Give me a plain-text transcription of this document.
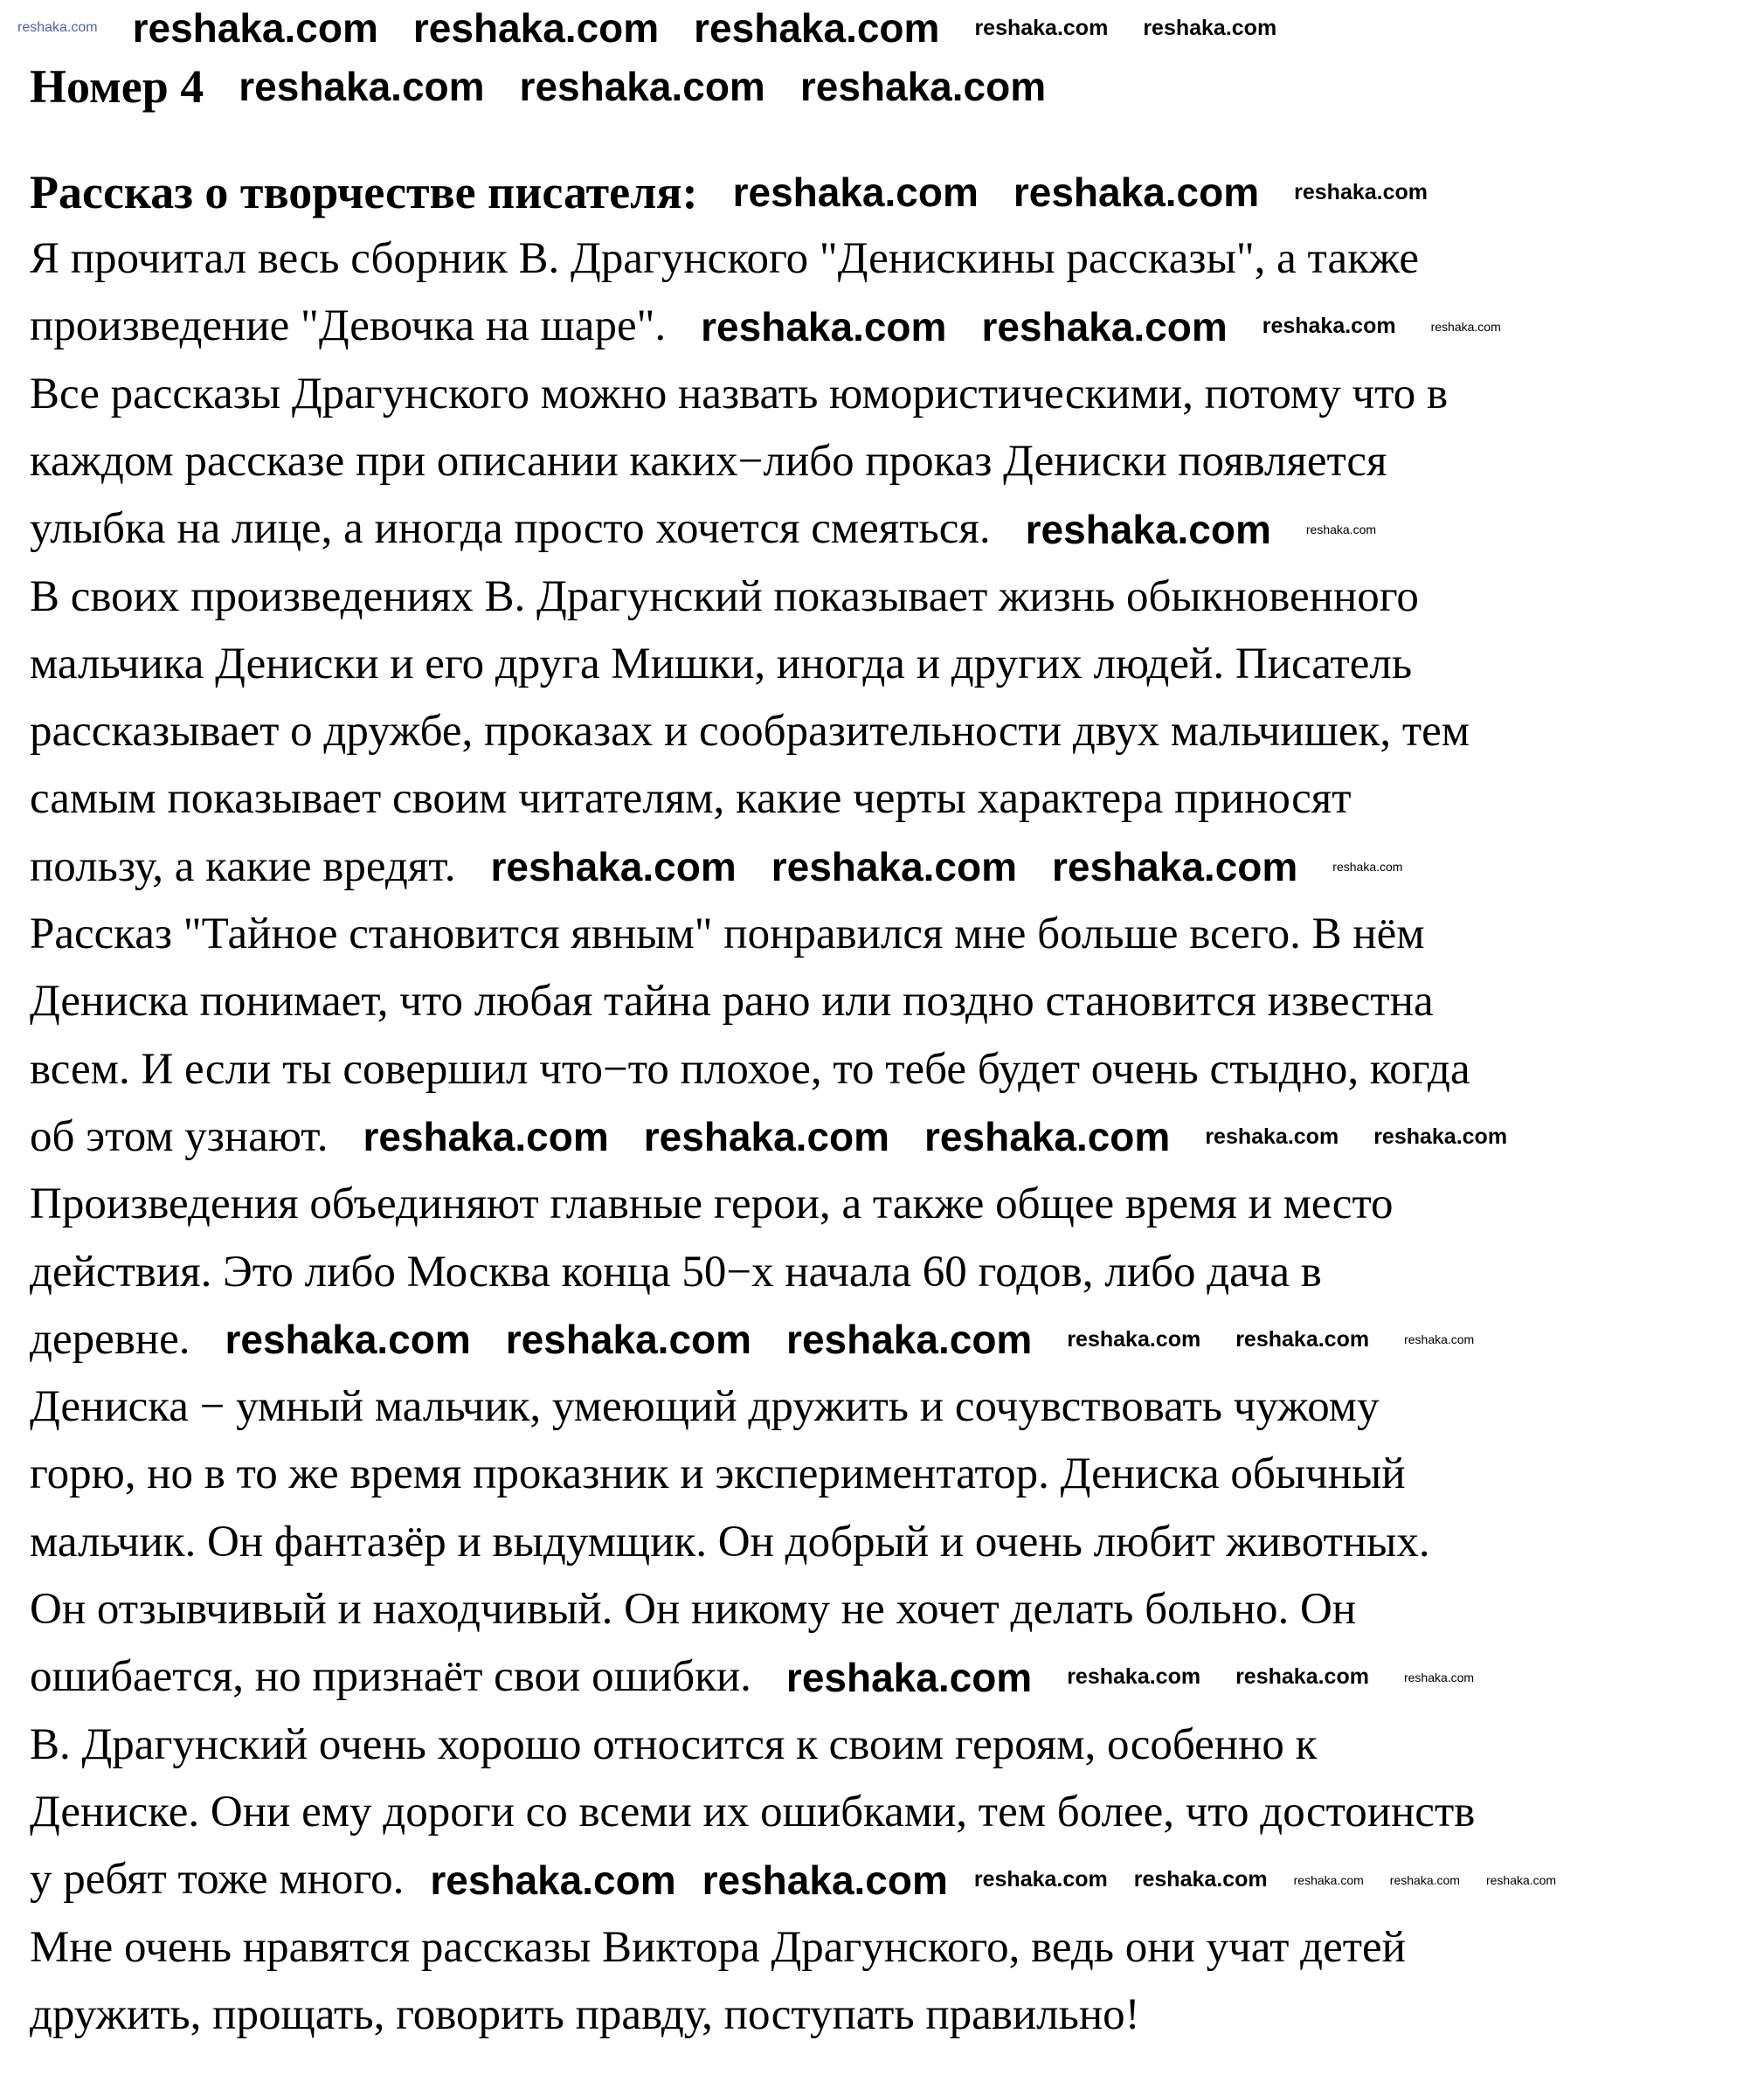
reshaka.com reshaka.com reshaka.com reshaka.com reshaka.com reshaka.com
Номер 4 reshaka.com reshaka.com reshaka.com
Рассказ о творчестве писателя: reshaka.com reshaka.com reshaka.com
Я прочитал весь сборник В. Драгунского "Денискины рассказы", а также
произведение "Девочка на шаре". reshaka.com reshaka.com reshaka.com	reshaka.com
Все рассказы Драгунского можно назвать юмористическими, потому что в
каждом рассказе при описании каких−либо проказ Дениски появляется
улыбка на лице, а иногда просто хочется смеяться. reshaka.com	reshaka.com
В своих произведениях В. Драгунский показывает жизнь обыкновенного
мальчика Дениски и его друга Мишки, иногда и других людей. Писатель
рассказывает о дружбе, проказах и сообразительности двух мальчишек, тем
самым показывает своим читателям, какие черты характера приносят
пользу, а какие вредят. reshaka.com reshaka.com reshaka.com	reshaka.com
Рассказ "Тайное становится явным" понравился мне больше всего. В нём
Дениска понимает, что любая тайна рано или поздно становится известна
всем. И если ты совершил что−то плохое, то тебе будет очень стыдно, когда
об этом узнают. reshaka.com reshaka.com reshaka.com reshaka.com reshaka.com
Произведения объединяют главные герои, а также общее время и место
действия. Это либо Москва конца 50−х начала 60 годов, либо дача в
деревне. reshaka.com reshaka.com reshaka.com reshaka.com reshaka.com	reshaka.com
Дениска − умный мальчик, умеющий дружить и сочувствовать чужому
горю, но в то же время проказник и экспериментатор. Дениска обычный
мальчик. Он фантазёр и выдумщик. Он добрый и очень любит животных.
Он отзывчивый и находчивый. Он никому не хочет делать больно. Он
ошибается, но признаёт свои ошибки. reshaka.com reshaka.com reshaka.com	reshaka.com
В. Драгунский очень хорошо относится к своим героям, особенно к
Дениске. Они ему дороги со всеми их ошибками, тем более, что достоинств
у ребят тоже много. reshaka.com reshaka.com reshaka.com reshaka.com reshaka.com reshaka.com reshaka.com
Мне очень нравятся рассказы Виктора Драгунского, ведь они учат детей
дружить, прощать, говорить правду, поступать правильно!
